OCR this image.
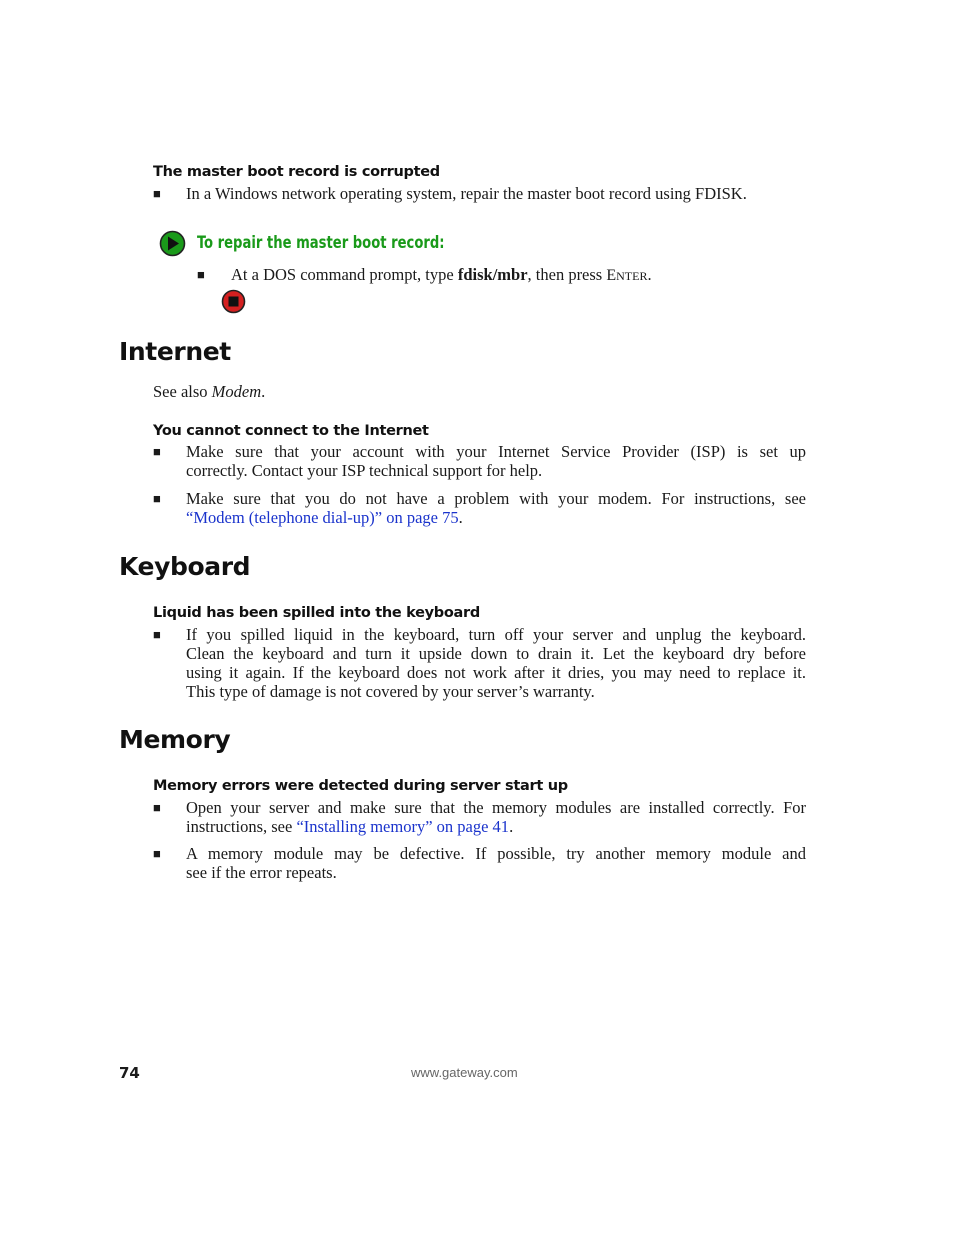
The master boot record is corrupted
■ In a Windows network operating system, repair the master boot record using FDISK.
To repair the master boot record:
■ At a DOS command prompt, type fdisk/mbr, then press ENTER.
Internet
See also Modem.
You cannot connect to the Internet
■ Make sure that your account with your Internet Service Provider (ISP) is set up
correctly. Contact your ISP technical support for help.
■ Make sure that you do not have a problem with your modem. For instructions, see
“Modem (telephone dial-up)” on page 75.
Keyboard
Liquid has been spilled into the keyboard
■ If you spilled liquid in the keyboard, turn off your server and unplug the keyboard.
Clean the keyboard and turn it upside down to drain it. Let the keyboard dry before
using it again. If the keyboard does not work after it dries, you may need to replace it.
This type of damage is not covered by your server’s warranty.
Memory
Memory errors were detected during server start up
■ Open your server and make sure that the memory modules are installed correctly. For
instructions, see “Installing memory” on page 41.
■ A memory module may be defective. If possible, try another memory module and
see if the error repeats.
74	www.gateway.com
